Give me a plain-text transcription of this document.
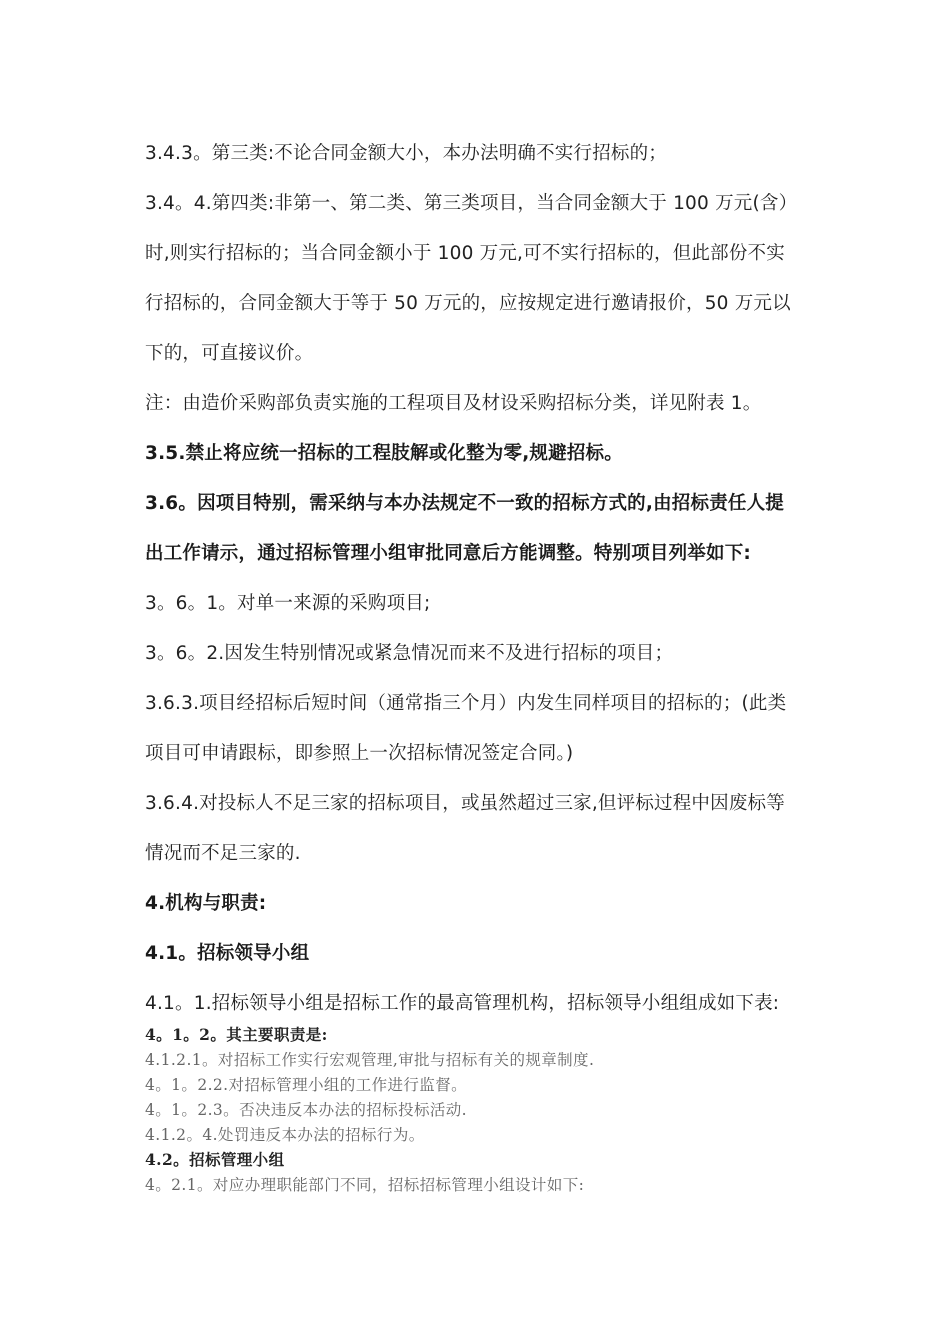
3.4.3。第三类:不论合同金额大小，本办法明确不实行招标的；
3.4。4.第四类:非第一、第二类、第三类项目，当合同金额大于 100 万元(含）
时,则实行招标的；当合同金额小于 100 万元,可不实行招标的，但此部份不实
行招标的，合同金额大于等于 50 万元的，应按规定进行邀请报价，50 万元以
下的，可直接议价。
注：由造价采购部负责实施的工程项目及材设采购招标分类，详见附表 1。
3.5.禁止将应统一招标的工程肢解或化整为零,规避招标。
3.6。因项目特别，需采纳与本办法规定不一致的招标方式的,由招标责任人提
出工作请示，通过招标管理小组审批同意后方能调整。特别项目列举如下:
3。6。1。对单一来源的采购项目;
3。6。2.因发生特别情况或紧急情况而来不及进行招标的项目；
3.6.3.项目经招标后短时间（通常指三个月）内发生同样项目的招标的；(此类
项目可申请跟标，即参照上一次招标情况签定合同。)
3.6.4.对投标人不足三家的招标项目，或虽然超过三家,但评标过程中因废标等
情况而不足三家的.
4.机构与职责:
4.1。招标领导小组
4.1。1.招标领导小组是招标工作的最高管理机构，招标领导小组组成如下表:
4。1。2。其主要职责是:
4.1.2.1。对招标工作实行宏观管理,审批与招标有关的规章制度.
4。1。2.2.对招标管理小组的工作进行监督。
4。1。2.3。否决违反本办法的招标投标活动.
4.1.2。4.处罚违反本办法的招标行为。
4.2。招标管理小组
4。2.1。对应办理职能部门不同，招标招标管理小组设计如下:
